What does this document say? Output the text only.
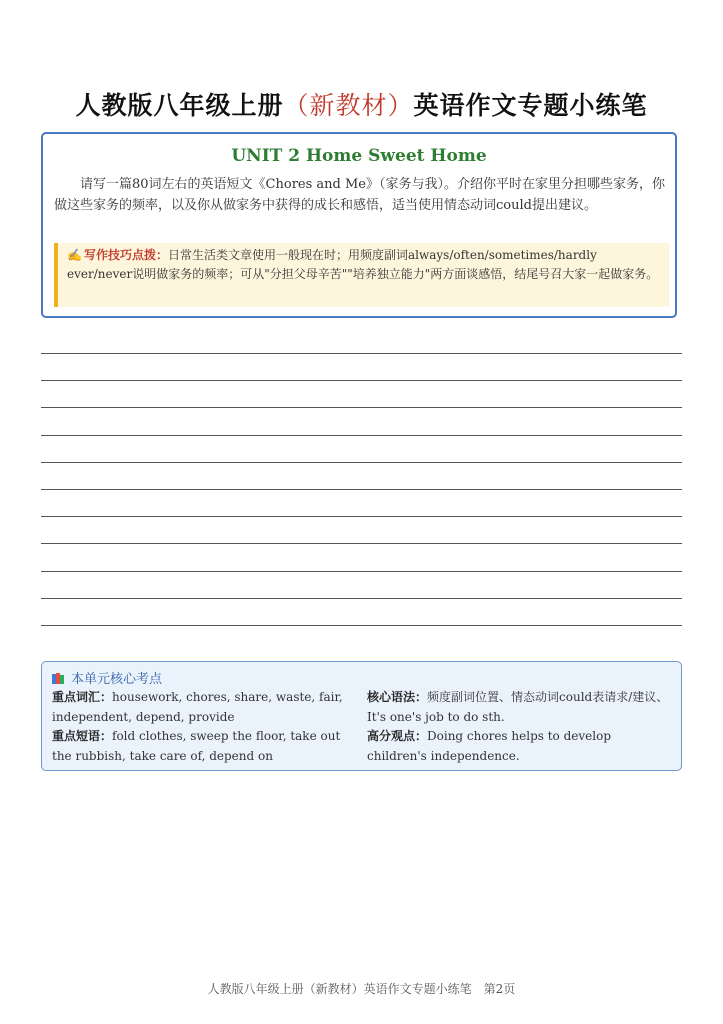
人教版八年级上册（新教材）英语作文专题小练笔
UNIT 2 Home Sweet Home
请写一篇80词左右的英语短文《Chores and Me》（家务与我）。介绍你平时在家里分担哪些家务，你做这些家务的频率，以及你从做家务中获得的成长和感悟，适当使用情态动词could提出建议。
✍ 写作技巧点拨：日常生活类文章使用一般现在时；用频度副词always/often/sometimes/hardly ever/never说明做家务的频率；可从"分担父母辛苦""培养独立能力"两方面谈感悟，结尾号召大家一起做家务。
本单元核心考点
重点词汇：housework, chores, share, waste, fair, independent, depend, provide
重点短语：fold clothes, sweep the floor, take out the rubbish, take care of, depend on
核心语法：频度副词位置、情态动词could表请求/建议、It's one's job to do sth.
高分观点：Doing chores helps to develop children's independence.
人教版八年级上册（新教材）英语作文专题小练笔　第2页
